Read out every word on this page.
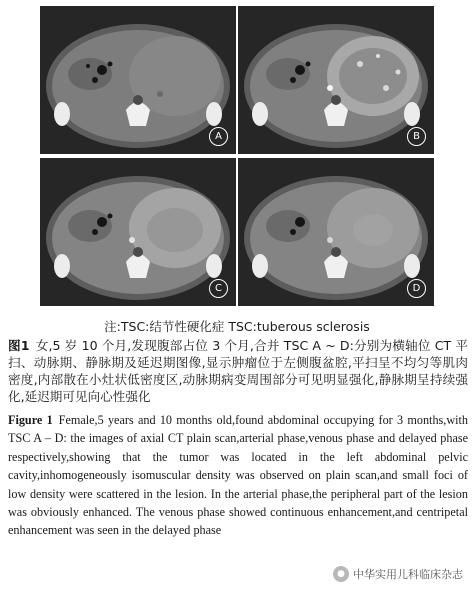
A	B
C	D
注:TSC:结节性硬化症 TSC:tuberous sclerosis
图1 女,5 岁 10 个月,发现腹部占位 3 个月,合并 TSC A ~ D:分别为横轴位 CT 平扫、动脉期、静脉期及延迟期图像,显示肿瘤位于左侧腹盆腔,平扫呈不均匀等肌肉密度,内部散在小灶状低密度区,动脉期病变周围部分可见明显强化,静脉期呈持续强化,延迟期可见向心性强化
Figure 1 Female,5 years and 10 months old,found abdominal occupying for 3 months,with TSC A – D: the images of axial CT plain scan,arterial phase,venous phase and delayed phase respectively,showing that the tumor was located in the left abdominal pelvic cavity,inhomogeneously isomuscular density was observed on plain scan,and small foci of low density were scattered in the lesion. In the arterial phase,the peripheral part of the lesion was obviously enhanced. The venous phase showed continuous enhancement,and centripetal enhancement was seen in the delayed phase
● 中华实用儿科临床杂志
